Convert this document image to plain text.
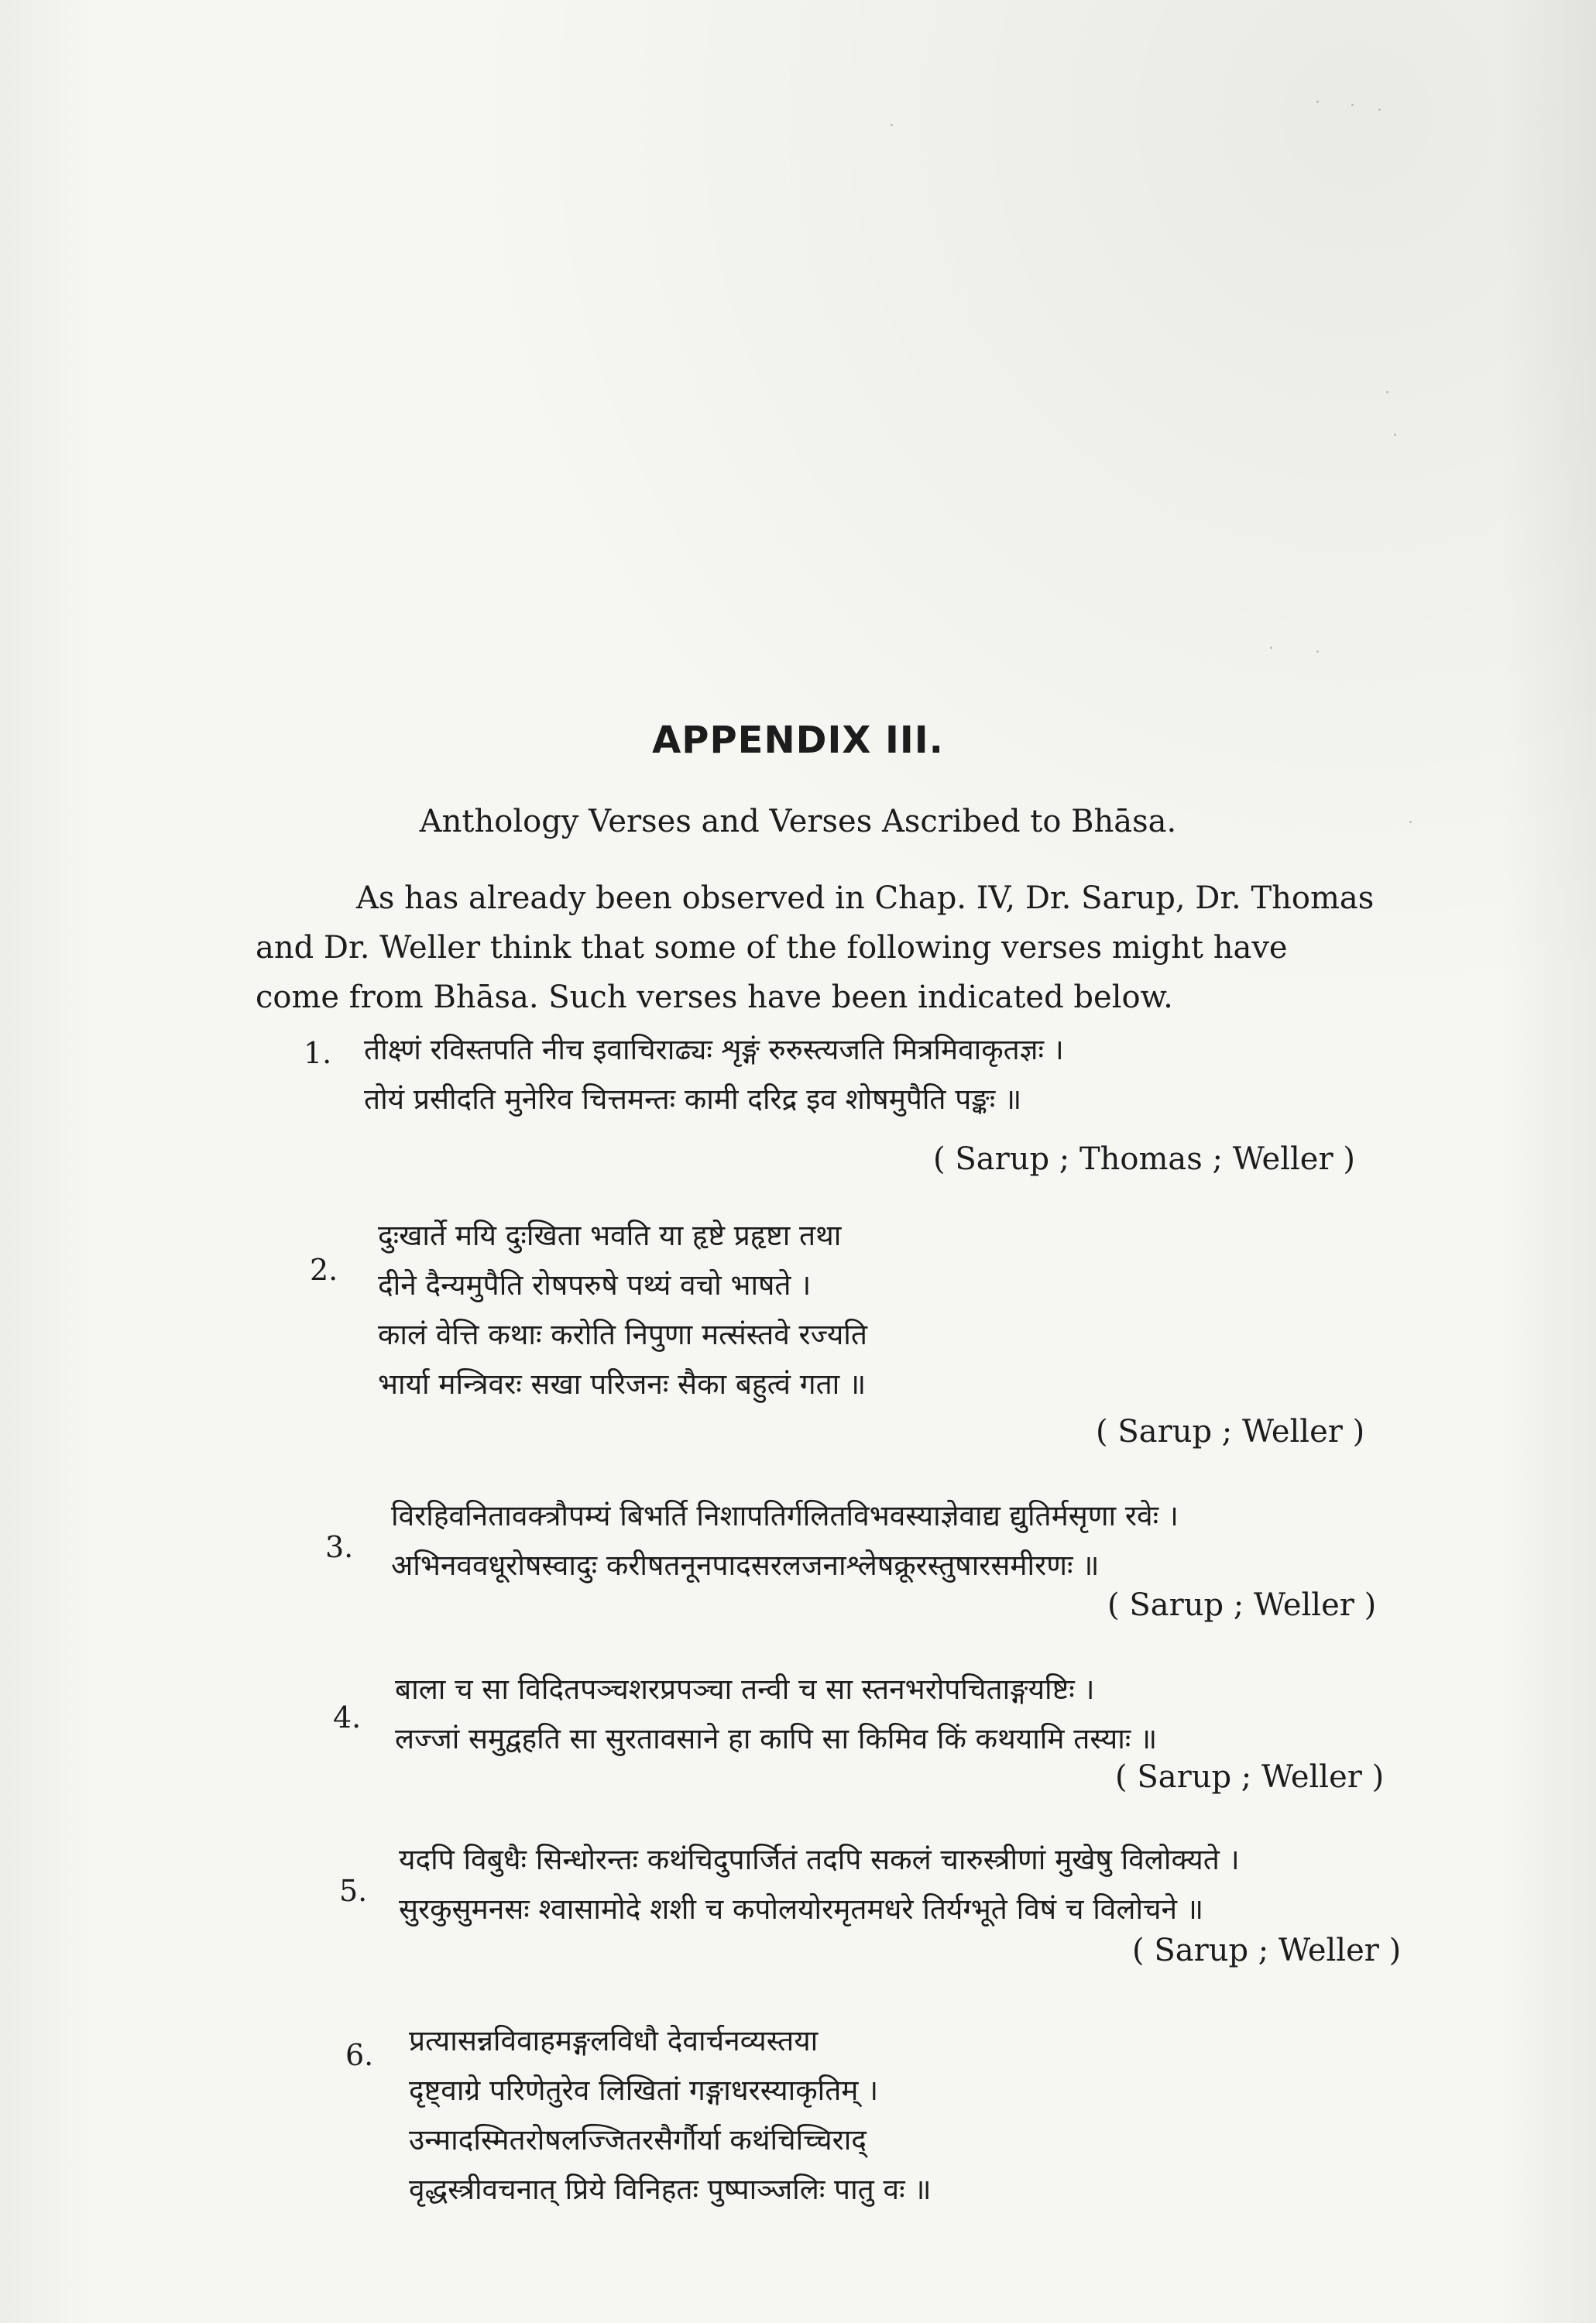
APPENDIX III.
Anthology Verses and Verses Ascribed to Bhāsa.
As has already been observed in Chap. IV, Dr. Sarup, Dr. Thomas
and Dr. Weller think that some of the following verses might have
come from Bhāsa. Such verses have been indicated below.
1. तीक्ष्णं रविस्तपति नीच इवाचिराढ्यः शृङ्गं रुरुस्त्यजति मित्रमिवाकृतज्ञः ।
तोयं प्रसीदति मुनेरिव चित्तमन्तः कामी दरिद्र इव शोषमुपैति पङ्कः ॥
( Sarup ; Thomas ; Weller )
2.
दुःखार्ते मयि दुःखिता भवति या हृष्टे प्रहृष्टा तथा
दीने दैन्यमुपैति रोषपरुषे पथ्यं वचो भाषते ।
कालं वेत्ति कथाः करोति निपुणा मत्संस्तवे रज्यति
भार्या मन्त्रिवरः सखा परिजनः सैका बहुत्वं गता ॥
( Sarup ; Weller )
3.
विरहिवनितावक्त्रौपम्यं बिभर्ति निशापतिर्गलितविभवस्याज्ञेवाद्य द्युतिर्मसृणा रवेः ।
अभिनववधूरोषस्वादुः करीषतनूनपादसरलजनाश्लेषक्रूरस्तुषारसमीरणः ॥
( Sarup ; Weller )
4.
बाला च सा विदितपञ्चशरप्रपञ्चा तन्वी च सा स्तनभरोपचिताङ्गयष्टिः ।
लज्जां समुद्वहति सा सुरतावसाने हा कापि सा किमिव किं कथयामि तस्याः ॥
( Sarup ; Weller )
5.
यदपि विबुधैः सिन्धोरन्तः कथंचिदुपार्जितं तदपि सकलं चारुस्त्रीणां मुखेषु विलोक्यते ।
सुरकुसुमनसः श्वासामोदे शशी च कपोलयोरमृतमधरे तिर्यग्भूते विषं च विलोचने ॥
( Sarup ; Weller )
6. प्रत्यासन्नविवाहमङ्गलविधौ देवार्चनव्यस्तया
दृष्ट्वाग्रे परिणेतुरेव लिखितां गङ्गाधरस्याकृतिम् ।
उन्मादस्मितरोषलज्जितरसैर्गौर्या कथंचिच्चिराद्
वृद्धस्त्रीवचनात् प्रिये विनिहतः पुष्पाञ्जलिः पातु वः ॥
